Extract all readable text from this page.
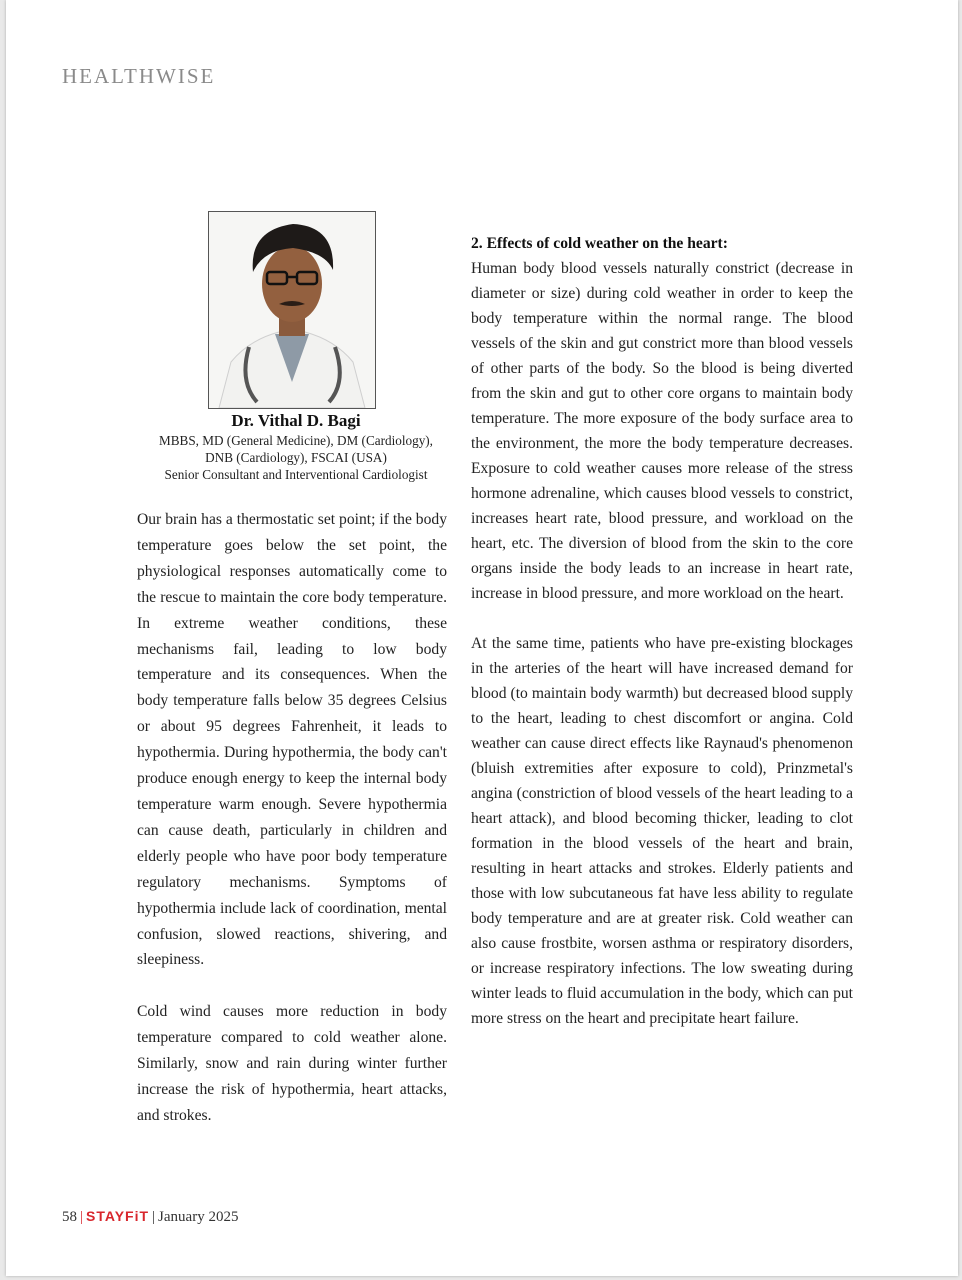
HEALTHWISE
Dr. Vithal D. Bagi
MBBS, MD (General Medicine), DM (Cardiology),
DNB (Cardiology), FSCAI (USA)
Senior Consultant and Interventional Cardiologist

Our brain has a thermostatic set point; if the body temperature goes below the set point, the physiological responses automatically come to the rescue to maintain the core body temperature. In extreme weather conditions, these mechanisms fail, leading to low body temperature and its consequences. When the body temperature falls below 35 degrees Celsius or about 95 degrees Fahrenheit, it leads to hypothermia. During hypothermia, the body can't produce enough energy to keep the internal body temperature warm enough. Severe hypothermia can cause death, particularly in children and elderly people who have poor body temperature regulatory mechanisms. Symptoms of hypothermia include lack of coordination, mental confusion, slowed reactions, shivering, and sleepiness.

Cold wind causes more reduction in body temperature compared to cold weather alone. Similarly, snow and rain during winter further increase the risk of hypothermia, heart attacks, and strokes.

2. Effects of cold weather on the heart:

Human body blood vessels naturally constrict (decrease in diameter or size) during cold weather in order to keep the body temperature within the normal range. The blood vessels of the skin and gut constrict more than blood vessels of other parts of the body. So the blood is being diverted from the skin and gut to other core organs to maintain body temperature. The more exposure of the body surface area to the environment, the more the body temperature decreases. Exposure to cold weather causes more release of the stress hormone adrenaline, which causes blood vessels to constrict, increases heart rate, blood pressure, and workload on the heart, etc. The diversion of blood from the skin to the core organs inside the body leads to an increase in heart rate, increase in blood pressure, and more workload on the heart.

At the same time, patients who have pre-existing blockages in the arteries of the heart will have increased demand for blood (to maintain body warmth) but decreased blood supply to the heart, leading to chest discomfort or angina. Cold weather can cause direct effects like Raynaud's phenomenon (bluish extremities after exposure to cold), Prinzmetal's angina (constriction of blood vessels of the heart leading to a heart attack), and blood becoming thicker, leading to clot formation in the blood vessels of the heart and brain, resulting in heart attacks and strokes. Elderly patients and those with low subcutaneous fat have less ability to regulate body temperature and are at greater risk. Cold weather can also cause frostbite, worsen asthma or respiratory disorders, or increase respiratory infections. The low sweating during winter leads to fluid accumulation in the body, which can put more stress on the heart and precipitate heart failure.

58 | STAYFiT | January 2025
